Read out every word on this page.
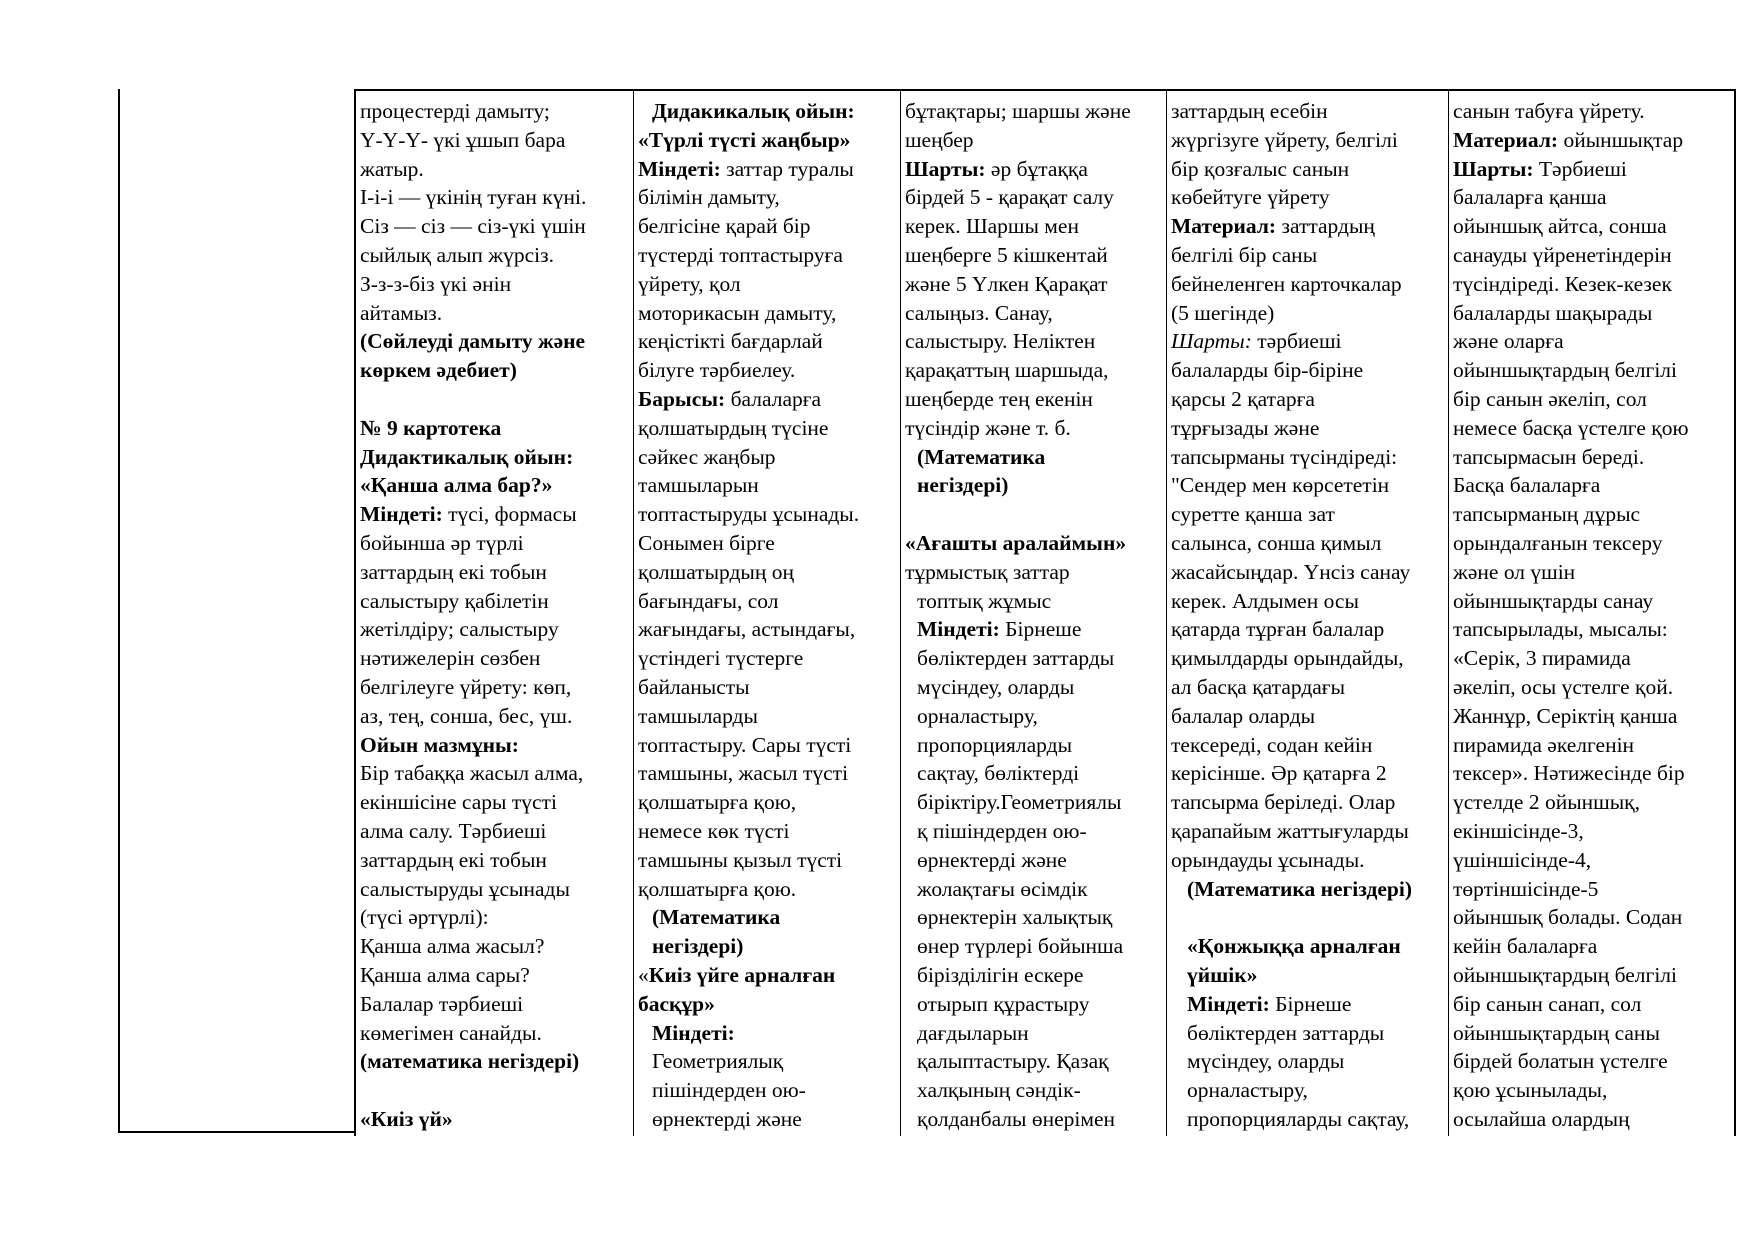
процестерді дамыту;
Ү-Ү-Ү- үкі ұшып бара
жатыр.
І-і-і — үкінің туған күні.
Сіз — сіз — сіз-үкі үшін
сыйлық алып жүрсіз.
З-з-з-біз үкі әнін
айтамыз.
(Сөйлеуді дамыту және
көркем әдебиет)
№ 9 картотека
Дидактикалық ойын:
«Қанша алма бар?»
Міндеті: түсі, формасы
бойынша әр түрлі
заттардың екі тобын
салыстыру қабілетін
жетілдіру; салыстыру
нәтижелерін сөзбен
белгілеуге үйрету: көп,
аз, тең, сонша, бес, үш.
Ойын мазмұны:
Бір табаққа жасыл алма,
екіншісіне сары түсті
алма салу. Тәрбиеші
заттардың екі тобын
салыстыруды ұсынады
(түсі әртүрлі):
Қанша алма жасыл?
Қанша алма сары?
Балалар тәрбиеші
көмегімен санайды.
(математика негіздері)
«Киіз үй»
Дидакикалық ойын:
«Түрлі түсті жаңбыр»
Міндеті: заттар туралы
білімін дамыту,
белгісіне қарай бір
түстерді топтастыруға
үйрету, қол
моторикасын дамыту,
кеңістікті бағдарлай
білуге тәрбиелеу.
Барысы: балаларға
қолшатырдың түсіне
сәйкес жаңбыр
тамшыларын
топтастыруды ұсынады.
Сонымен бірге
қолшатырдың оң
бағындағы, сол
жағындағы, астындағы,
үстіндегі түстерге
байланысты
тамшыларды
топтастыру. Сары түсті
тамшыны, жасыл түсті
қолшатырға қою,
немесе көк түсті
тамшыны қызыл түсті
қолшатырға қою.
(Математика
негіздері)
«Киіз үйге арналған
басқұр»
Міндеті:
Геометриялық
пішіндерден ою-
өрнектерді және
бұтақтары; шаршы және
шеңбер
Шарты: әр бұтаққа
бірдей 5 - қарақат салу
керек. Шаршы мен
шеңберге 5 кішкентай
және 5 Үлкен Қарақат
салыңыз. Санау,
салыстыру. Неліктен
қарақаттың шаршыда,
шеңберде тең екенін
түсіндір және т. б.
(Математика
негіздері)
«Ағашты аралаймын»
тұрмыстық заттар
топтық жұмыс
Міндеті: Бірнеше
бөліктерден заттарды
мүсіндеу, оларды
орналастыру,
пропорцияларды
сақтау, бөліктерді
біріктіру.Геометриялы
қ пішіндерден ою-
өрнектерді және
жолақтағы өсімдік
өрнектерін халықтық
өнер түрлері бойынша
бірізділігін ескере
отырып құрастыру
дағдыларын
қалыптастыру. Қазақ
халқының сәндік-
қолданбалы өнерімен
заттардың есебін
жүргізуге үйрету, белгілі
бір қозғалыс санын
көбейтуге үйрету
Материал: заттардың
белгілі бір саны
бейнеленген карточкалар
(5 шегінде)
Шарты: тәрбиеші
балаларды бір-біріне
қарсы 2 қатарға
тұрғызады және
тапсырманы түсіндіреді:
"Сендер мен көрсететін
суретте қанша зат
салынса, сонша қимыл
жасайсыңдар. Үнсіз санау
керек. Алдымен осы
қатарда тұрған балалар
қимылдарды орындайды,
ал басқа қатардағы
балалар оларды
тексереді, содан кейін
керісінше. Әр қатарға 2
тапсырма беріледі. Олар
қарапайым жаттығуларды
орындауды ұсынады.
(Математика негіздері)
«Қонжыққа арналған
үйшік»
Міндеті: Бірнеше
бөліктерден заттарды
мүсіндеу, оларды
орналастыру,
пропорцияларды сақтау,
санын табуға үйрету.
Материал: ойыншықтар
Шарты: Тәрбиеші
балаларға қанша
ойыншық айтса, сонша
санауды үйренетіндерін
түсіндіреді. Кезек-кезек
балаларды шақырады
және оларға
ойыншықтардың белгілі
бір санын әкеліп, сол
немесе басқа үстелге қою
тапсырмасын береді.
Басқа балаларға
тапсырманың дұрыс
орындалғанын тексеру
және ол үшін
ойыншықтарды санау
тапсырылады, мысалы:
«Серік, 3 пирамида
әкеліп, осы үстелге қой.
Жаннұр, Серіктің қанша
пирамида әкелгенін
тексер». Нәтижесінде бір
үстелде 2 ойыншық,
екіншісінде-3,
үшіншісінде-4,
төртіншісінде-5
ойыншық болады. Содан
кейін балаларға
ойыншықтардың белгілі
бір санын санап, сол
ойыншықтардың саны
бірдей болатын үстелге
қою ұсынылады,
осылайша олардың
